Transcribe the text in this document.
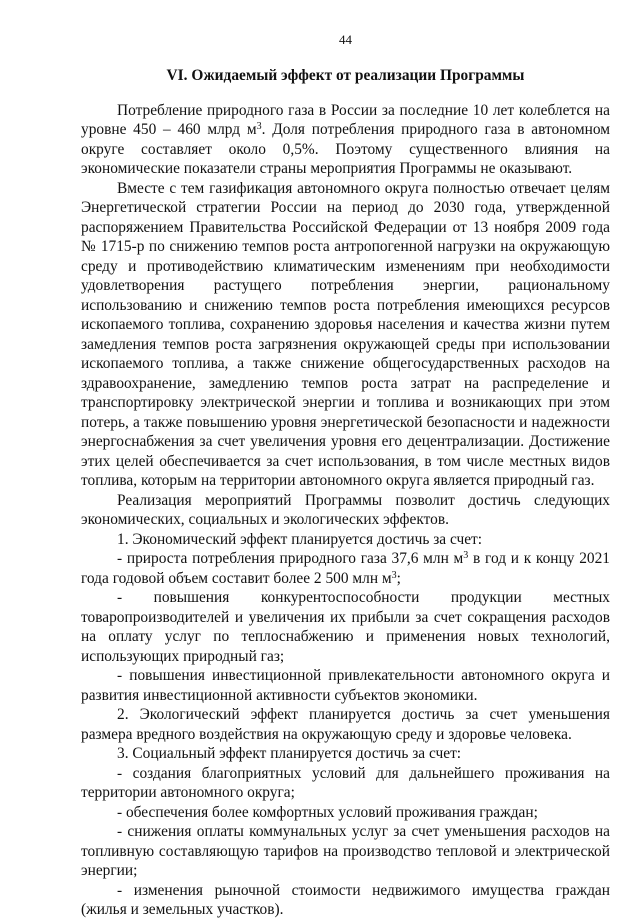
44
VI. Ожидаемый эффект от реализации Программы

Потребление природного газа в России за последние 10 лет колеблется на уровне 450 – 460 млрд $м^3$. Доля потребления природного газа в автономном округе составляет около 0,5%. Поэтому существенного влияния на экономические показатели страны мероприятия Программы не оказывают.

Вместе с тем газификация автономного округа полностью отвечает целям Энергетической стратегии России на период до 2030 года, утвержденной распоряжением Правительства Российской Федерации от 13 ноября 2009 года № 1715-р по снижению темпов роста антропогенной нагрузки на окружающую среду и противодействию климатическим изменениям при необходимости удовлетворения растущего потребления энергии, рациональному использованию и снижению темпов роста потребления имеющихся ресурсов ископаемого топлива, сохранению здоровья населения и качества жизни путем замедления темпов роста загрязнения окружающей среды при использовании ископаемого топлива, а также снижение общегосударственных расходов на здравоохранение, замедлению темпов роста затрат на распределение и транспортировку электрической энергии и топлива и возникающих при этом потерь, а также повышению уровня энергетической безопасности и надежности энергоснабжения за счет увеличения уровня его децентрализации. Достижение этих целей обеспечивается за счет использования, в том числе местных видов топлива, которым на территории автономного округа является природный газ.

Реализация мероприятий Программы позволит достичь следующих экономических, социальных и экологических эффектов.

1. Экономический эффект планируется достичь за счет:

- прироста потребления природного газа 37,6 млн $м^3$ в год и к концу 2021 года годовой объем составит более 2 500 млн $м^3$;

- повышения конкурентоспособности продукции местных товаропроизводителей и увеличения их прибыли за счет сокращения расходов на оплату услуг по теплоснабжению и применения новых технологий, использующих природный газ;

- повышения инвестиционной привлекательности автономного округа и развития инвестиционной активности субъектов экономики.

2. Экологический эффект планируется достичь за счет уменьшения размера вредного воздействия на окружающую среду и здоровье человека.

3. Социальный эффект планируется достичь за счет:

- создания благоприятных условий для дальнейшего проживания на территории автономного округа;

- обеспечения более комфортных условий проживания граждан;

- снижения оплаты коммунальных услуг за счет уменьшения расходов на топливную составляющую тарифов на производство тепловой и электрической энергии;

- изменения рыночной стоимости недвижимого имущества граждан (жилья и земельных участков).
